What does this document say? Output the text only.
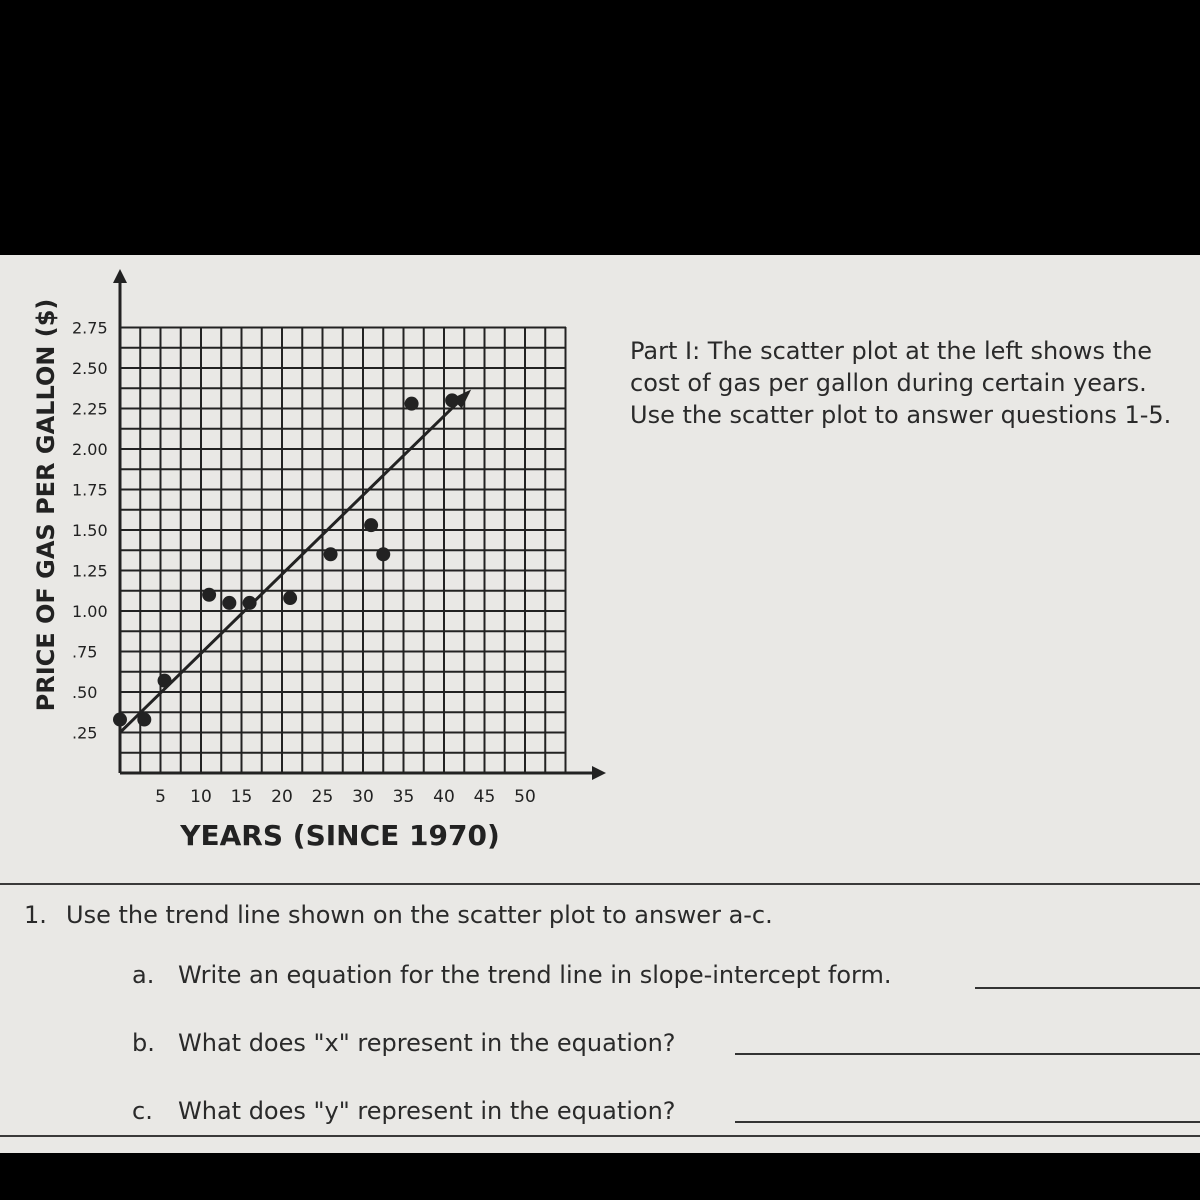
5 10 15 20 25 30 35 40 45 50
.25
.50
.75
1.00
1.25
1.50
1.75
2.00
2.25
2.50
2.75
YEARS (SINCE 1970)
PRICE OF GAS PER GALLON ($)	Part I: The scatter plot at the left shows the
cost of gas per gallon during certain years.
Use the scatter plot to answer questions 1-5.
1. Use the trend line shown on the scatter plot to answer a-c.
a. Write an equation for the trend line in slope-intercept form.
b. What does "x" represent in the equation?
c. What does "y" represent in the equation?
